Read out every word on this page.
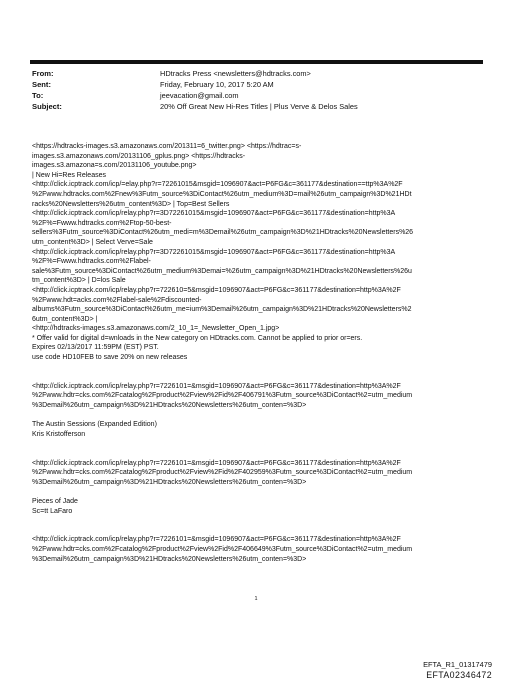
From:	HDtracks Press <newsletters@hdtracks.com>
Sent:	Friday, February 10, 2017 5:20 AM
To:	jeevacation@gmail.com
Subject:	20% Off Great New Hi-Res Titles | Plus Verve & Delos Sales
<https://hdtracks-images.s3.amazonaws.com/201311=6_twitter.png> <https://hdtrac=s-
images.s3.amazonaws.com/20131106_gplus.png> <https://hdtracks-
images.s3.amazona=s.com/20131106_youtube.png>
| New Hi=Res Releases
<http://click.icptrack.com/icp/=elay.php?r=72261015&msgid=1096907&act=P6FG&c=361177&destination==ttp%3A%2F
%2Fwww.hdtracks.com%2Fnew%3Futm_source%3DiContact%26utm_medium%3D=mail%26utm_campaign%3D%21HDt
racks%20Newsletters%26utm_content%3D> | Top=Best Sellers
<http://click.icptrack.com/icp/relay.php?r=3D72261015&msgid=1096907&act=P6FG&c=361177&destination=http%3A
%2F%=Fwww.hdtracks.com%2Ftop-50-best-
sellers%3Futm_source%3DiContact%26utm_medi=m%3Demail%26utm_campaign%3D%21HDtracks%20Newsletters%26
utm_content%3D> | Select Verve=Sale
<http://click.icptrack.com/icp/relay.php?r=3D72261015&msgid=1096907&act=P6FG&c=361177&destination=http%3A
%2F%=Fwww.hdtracks.com%2Flabel-
sale%3Futm_source%3DiContact%26utm_medium%3Demai=%26utm_campaign%3D%21HDtracks%20Newsletters%26u
tm_content%3D> | D=los Sale
<http://click.icptrack.com/icp/relay.php?r=722610=5&msgid=1096907&act=P6FG&c=361177&destination=http%3A%2F
%2Fwww.hdt=acks.com%2Flabel-sale%2Fdiscounted-
albums%3Futm_source%3DiContact%26utm_me=ium%3Demail%26utm_campaign%3D%21HDtracks%20Newsletters%2
6utm_content%3D> |
<http://hdtracks-images.s3.amazonaws.com/2_10_1=_Newsletter_Open_1.jpg>
* Offer valid for digital d=wnloads in the New category on HDtracks.com. Cannot be applied to prior or=ers.
Expires 02/13/2017 11:59PM (EST) PST.
use code HD10FEB to save 20% on new releases
<http://click.icptrack.com/icp/relay.php?r=7226101=&msgid=1096907&act=P6FG&c=361177&destination=http%3A%2F
%2Fwww.hdtr=cks.com%2Fcatalog%2Fproduct%2Fview%2Fid%2F406791%3Futm_source%3DiContact%2=utm_medium
%3Demail%26utm_campaign%3D%21HDtracks%20Newsletters%26utm_conten=%3D>
The Austin Sessions (Expanded Edition)
Kris Kristofferson
<http://click.icptrack.com/icp/relay.php?r=7226101=&msgid=1096907&act=P6FG&c=361177&destination=http%3A%2F
%2Fwww.hdtr=cks.com%2Fcatalog%2Fproduct%2Fview%2Fid%2F402959%3Futm_source%3DiContact%2=utm_medium
%3Demail%26utm_campaign%3D%21HDtracks%20Newsletters%26utm_conten=%3D>
Pieces of Jade
Sc=tt LaFaro
<http://click.icptrack.com/icp/relay.php?r=7226101=&msgid=1096907&act=P6FG&c=361177&destination=http%3A%2F
%2Fwww.hdtr=cks.com%2Fcatalog%2Fproduct%2Fview%2Fid%2F406649%3Futm_source%3DiContact%2=utm_medium
%3Demail%26utm_campaign%3D%21HDtracks%20Newsletters%26utm_conten=%3D>
1
EFTA_R1_01317479
EFTA02346472
